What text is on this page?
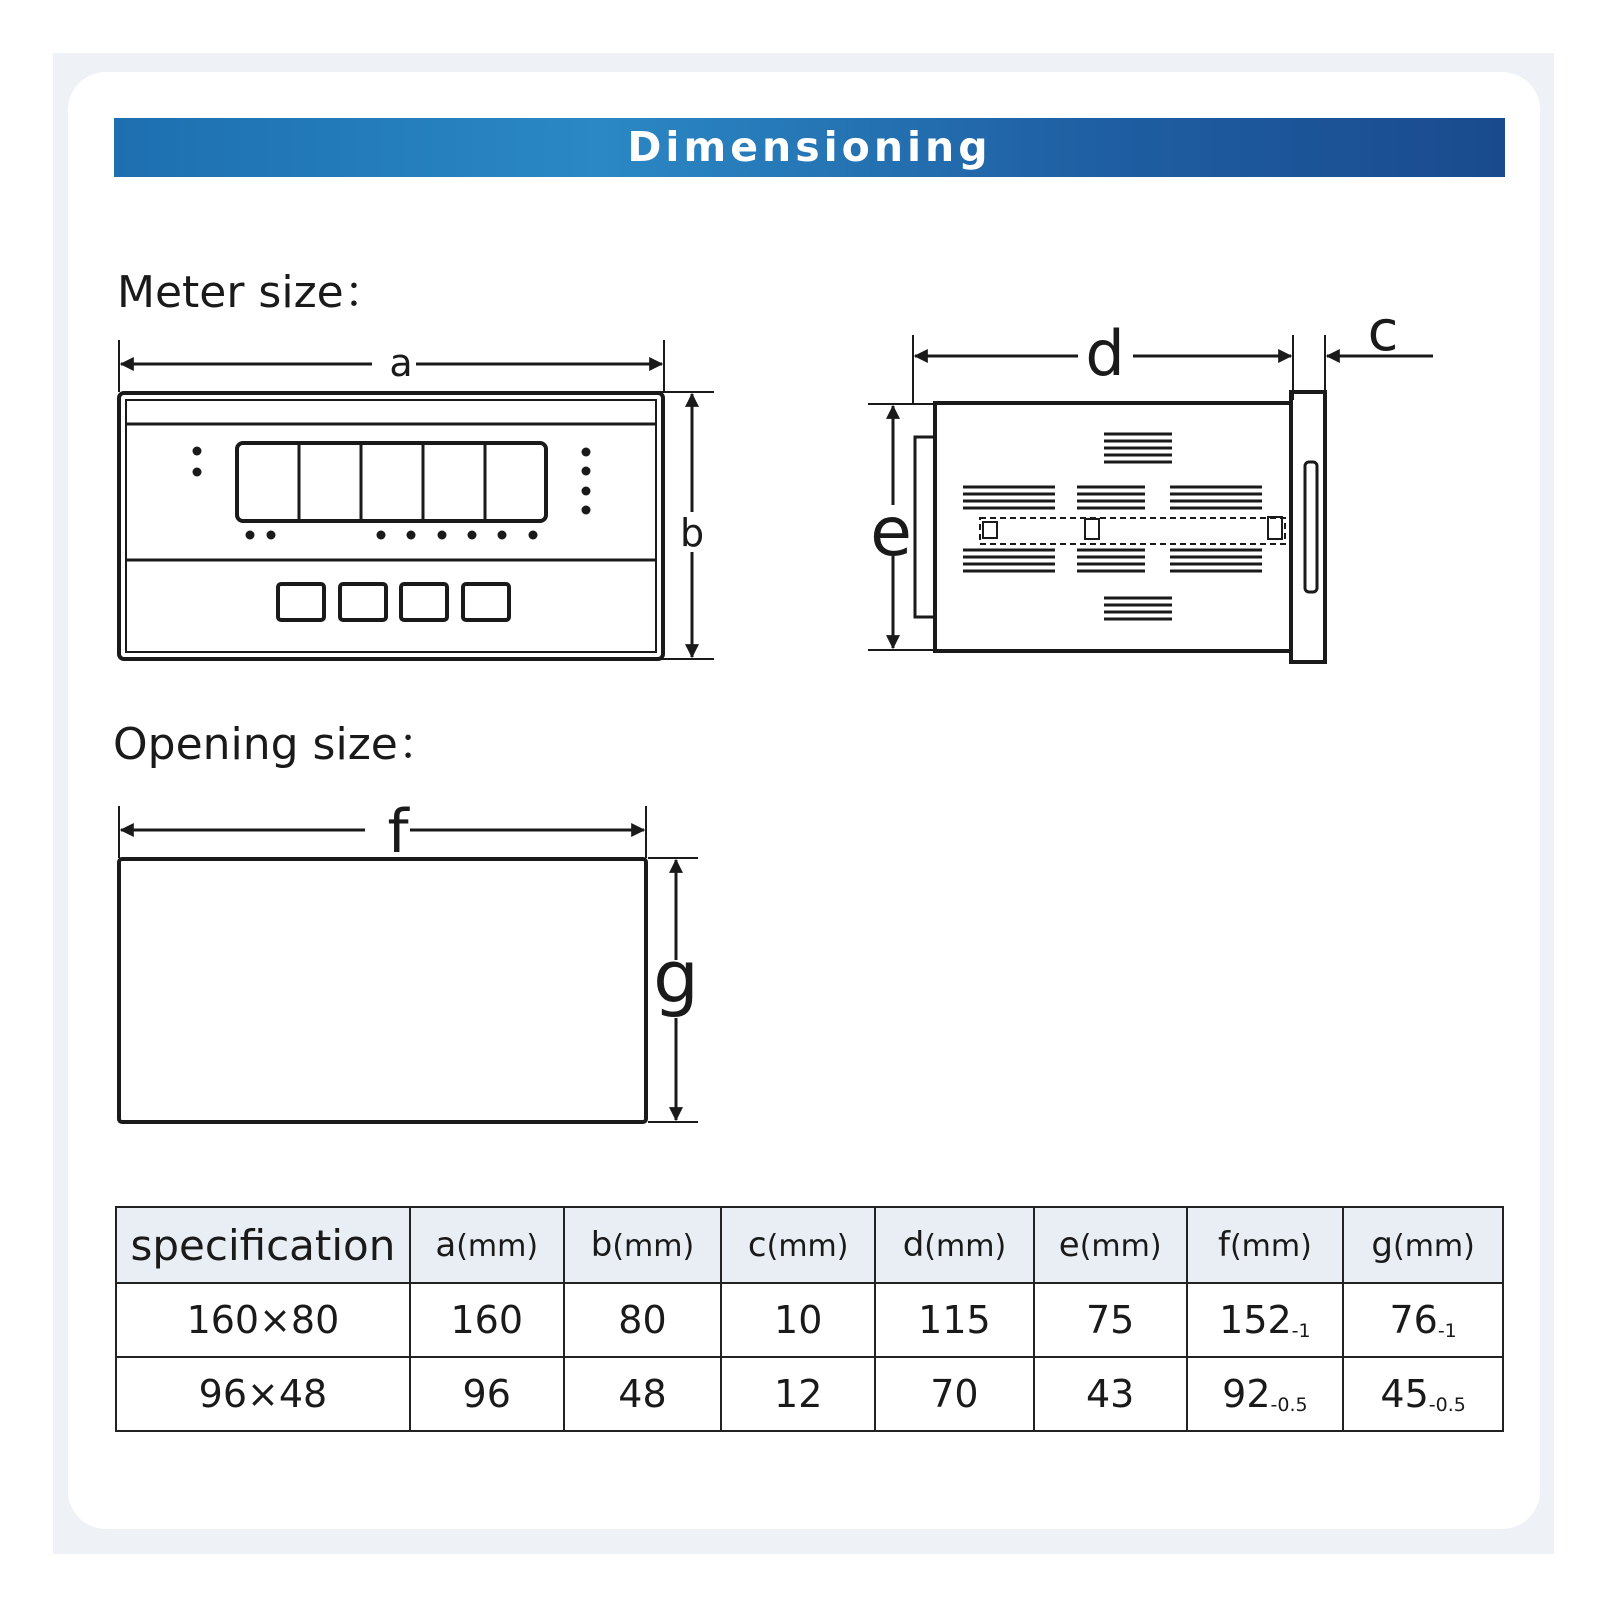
Dimensioning
Meter size：
Opening size：
a
b
d	c
e
f
g
specification	a(mm)	b(mm)	c(mm)	d(mm)	e(mm)	f(mm)	g(mm)
160×80	160	80	10	115	75	$152_{-1}$	$76_{-1}$
96×48	96	48	12	70	43	$92_{-0.5}$	$45_{-0.5}$
